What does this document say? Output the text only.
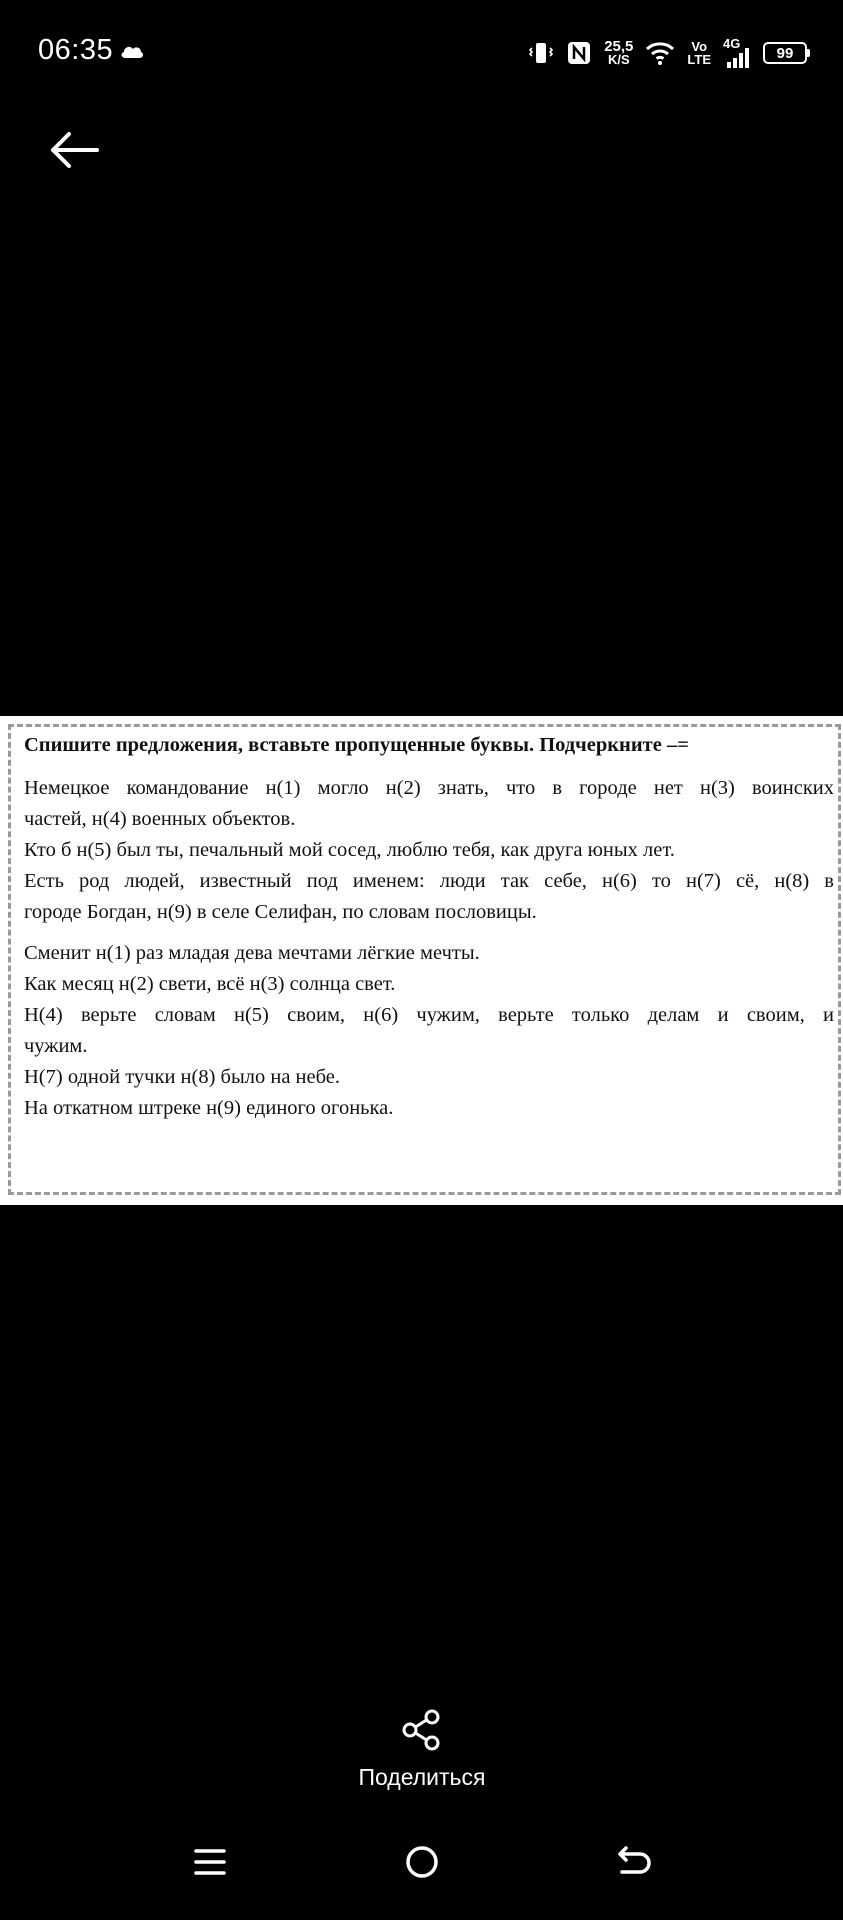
06:35	25,5
K/S
Vo
LTE
4G
99
Спишите предложения, вставьте пропущенные буквы. Подчеркните –=
Немецкое командование н(1) могло н(2) знать, что в городе нет н(3) воинских
частей, н(4) военных объектов.
Кто б н(5) был ты, печальный мой сосед, люблю тебя, как друга юных лет.
Есть род людей, известный под именем: люди так себе, н(6) то н(7) сё, н(8) в
городе Богдан, н(9) в селе Селифан, по словам пословицы.
Сменит н(1) раз младая дева мечтами лёгкие мечты.
Как месяц н(2) свети, всё н(3) солнца свет.
Н(4) верьте словам н(5) своим, н(6) чужим, верьте только делам и своим, и
чужим.
Н(7) одной тучки н(8) было на небе.
На откатном штреке н(9) единого огонька.
Поделиться
